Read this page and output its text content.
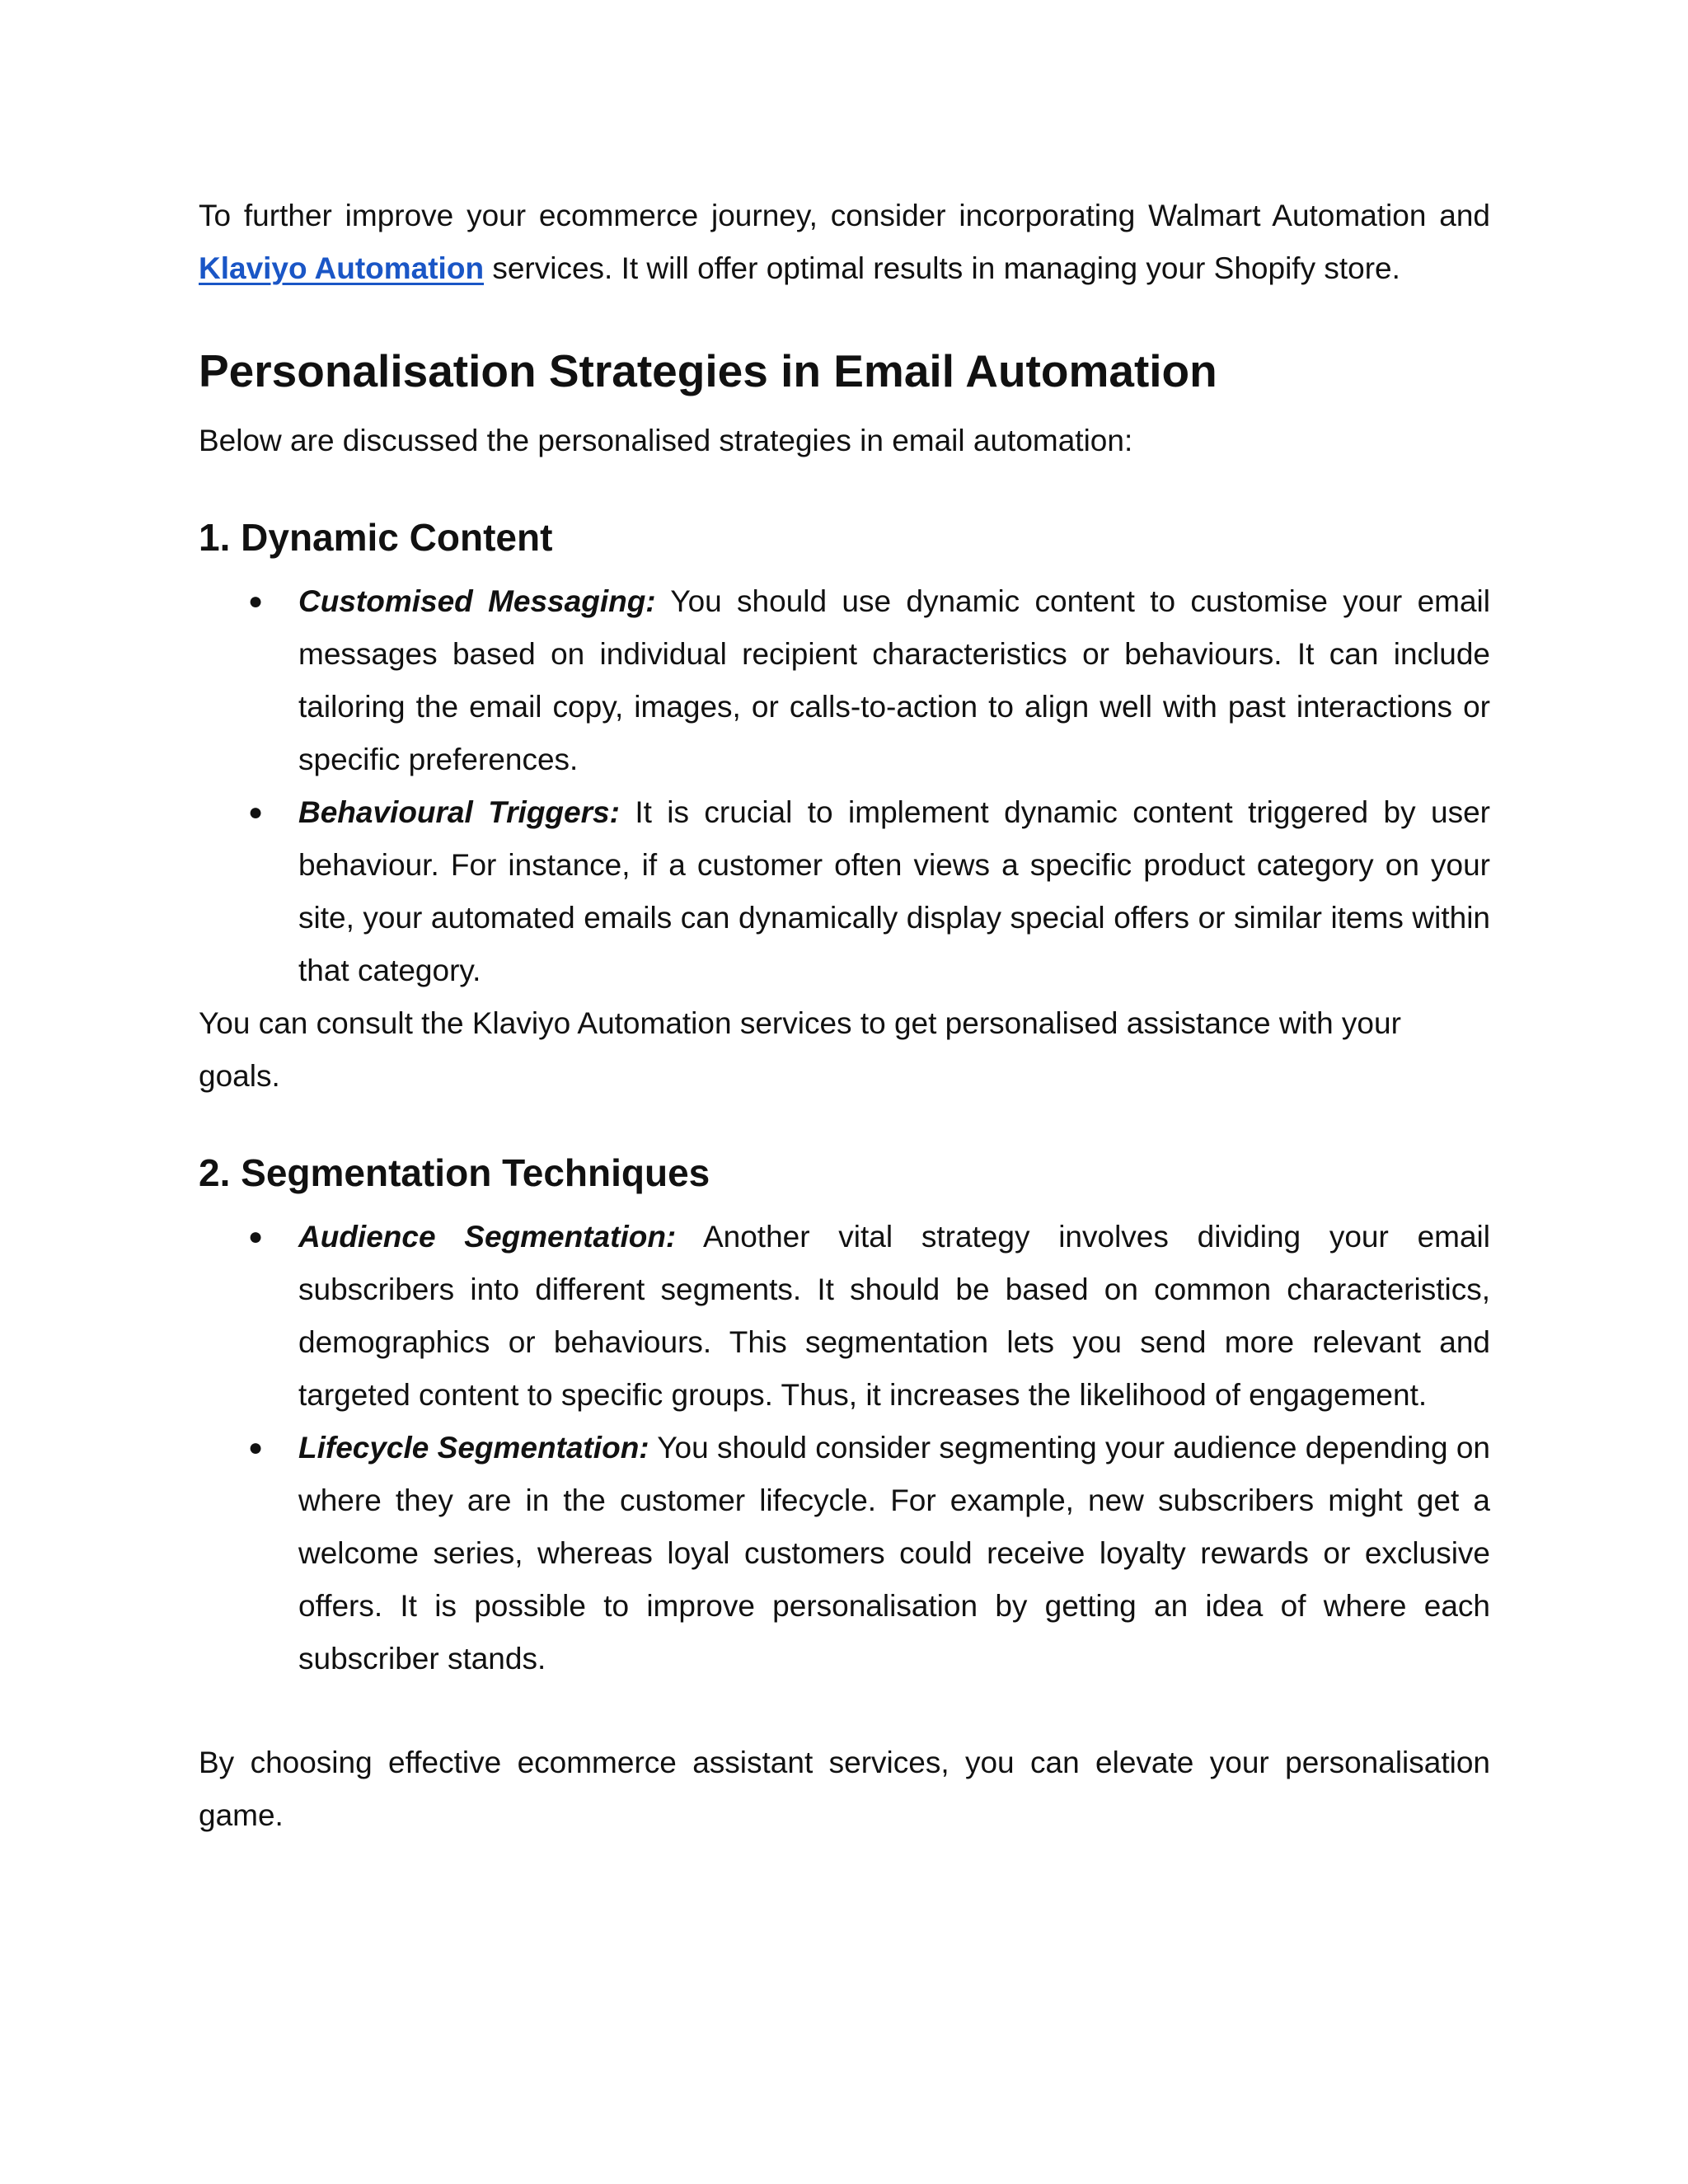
To further improve your ecommerce journey, consider incorporating Walmart Automation and Klaviyo Automation services. It will offer optimal results in managing your Shopify store.

Personalisation Strategies in Email Automation

Below are discussed the personalised strategies in email automation:

1. Dynamic Content
● Customised Messaging: You should use dynamic content to customise your email messages based on individual recipient characteristics or behaviours. It can include tailoring the email copy, images, or calls-to-action to align well with past interactions or specific preferences.
● Behavioural Triggers: It is crucial to implement dynamic content triggered by user behaviour. For instance, if a customer often views a specific product category on your site, your automated emails can dynamically display special offers or similar items within that category.

You can consult the Klaviyo Automation services to get personalised assistance with your goals.

2. Segmentation Techniques
● Audience Segmentation: Another vital strategy involves dividing your email subscribers into different segments. It should be based on common characteristics, demographics or behaviours. This segmentation lets you send more relevant and targeted content to specific groups. Thus, it increases the likelihood of engagement.
● Lifecycle Segmentation: You should consider segmenting your audience depending on where they are in the customer lifecycle. For example, new subscribers might get a welcome series, whereas loyal customers could receive loyalty rewards or exclusive offers. It is possible to improve personalisation by getting an idea of where each subscriber stands.

By choosing effective ecommerce assistant services, you can elevate your personalisation game.
